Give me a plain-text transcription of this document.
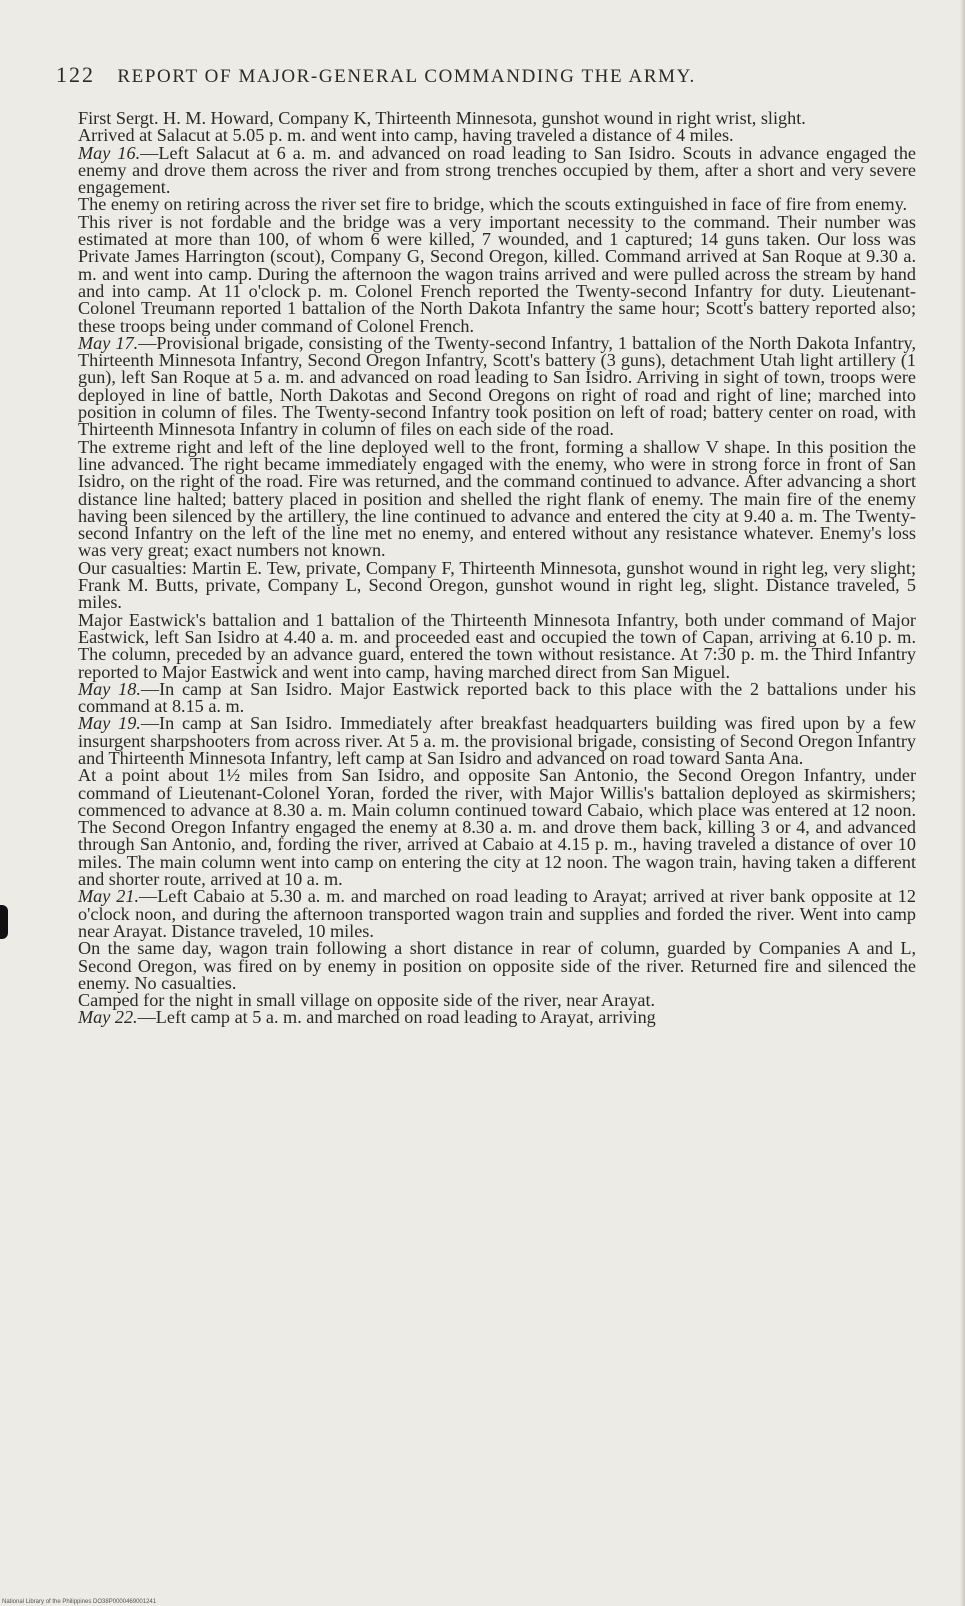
122 REPORT OF MAJOR-GENERAL COMMANDING THE ARMY.

First Sergt. H. M. Howard, Company K, Thirteenth Minnesota, gunshot wound in right wrist, slight.

Arrived at Salacut at 5.05 p. m. and went into camp, having traveled a distance of 4 miles.

May 16.—Left Salacut at 6 a. m. and advanced on road leading to San Isidro. Scouts in advance engaged the enemy and drove them across the river and from strong trenches occupied by them, after a short and very severe engagement.

The enemy on retiring across the river set fire to bridge, which the scouts extinguished in face of fire from enemy.

This river is not fordable and the bridge was a very important necessity to the command. Their number was estimated at more than 100, of whom 6 were killed, 7 wounded, and 1 captured; 14 guns taken. Our loss was Private James Harrington (scout), Company G, Second Oregon, killed. Command arrived at San Roque at 9.30 a. m. and went into camp. During the afternoon the wagon trains arrived and were pulled across the stream by hand and into camp. At 11 o'clock p. m. Colonel French reported the Twenty-second Infantry for duty. Lieutenant-Colonel Treumann reported 1 battalion of the North Dakota Infantry the same hour; Scott's battery reported also; these troops being under command of Colonel French.

May 17.—Provisional brigade, consisting of the Twenty-second Infantry, 1 battalion of the North Dakota Infantry, Thirteenth Minnesota Infantry, Second Oregon Infantry, Scott's battery (3 guns), detachment Utah light artillery (1 gun), left San Roque at 5 a. m. and advanced on road leading to San Isidro. Arriving in sight of town, troops were deployed in line of battle, North Dakotas and Second Oregons on right of road and right of line; marched into position in column of files. The Twenty-second Infantry took position on left of road; battery center on road, with Thirteenth Minnesota Infantry in column of files on each side of the road.

The extreme right and left of the line deployed well to the front, forming a shallow V shape. In this position the line advanced. The right became immediately engaged with the enemy, who were in strong force in front of San Isidro, on the right of the road. Fire was returned, and the command continued to advance. After advancing a short distance line halted; battery placed in position and shelled the right flank of enemy. The main fire of the enemy having been silenced by the artillery, the line continued to advance and entered the city at 9.40 a. m. The Twenty-second Infantry on the left of the line met no enemy, and entered without any resistance whatever. Enemy's loss was very great; exact numbers not known.

Our casualties: Martin E. Tew, private, Company F, Thirteenth Minnesota, gunshot wound in right leg, very slight; Frank M. Butts, private, Company L, Second Oregon, gunshot wound in right leg, slight. Distance traveled, 5 miles.

Major Eastwick's battalion and 1 battalion of the Thirteenth Minnesota Infantry, both under command of Major Eastwick, left San Isidro at 4.40 a. m. and proceeded east and occupied the town of Capan, arriving at 6.10 p. m. The column, preceded by an advance guard, entered the town without resistance. At 7:30 p. m. the Third Infantry reported to Major Eastwick and went into camp, having marched direct from San Miguel.

May 18.—In camp at San Isidro. Major Eastwick reported back to this place with the 2 battalions under his command at 8.15 a. m.

May 19.—In camp at San Isidro. Immediately after breakfast headquarters building was fired upon by a few insurgent sharpshooters from across river. At 5 a. m. the provisional brigade, consisting of Second Oregon Infantry and Thirteenth Minnesota Infantry, left camp at San Isidro and advanced on road toward Santa Ana.

At a point about 1½ miles from San Isidro, and opposite San Antonio, the Second Oregon Infantry, under command of Lieutenant-Colonel Yoran, forded the river, with Major Willis's battalion deployed as skirmishers; commenced to advance at 8.30 a. m. Main column continued toward Cabaio, which place was entered at 12 noon. The Second Oregon Infantry engaged the enemy at 8.30 a. m. and drove them back, killing 3 or 4, and advanced through San Antonio, and, fording the river, arrived at Cabaio at 4.15 p. m., having traveled a distance of over 10 miles. The main column went into camp on entering the city at 12 noon. The wagon train, having taken a different and shorter route, arrived at 10 a. m.

May 21.—Left Cabaio at 5.30 a. m. and marched on road leading to Arayat; arrived at river bank opposite at 12 o'clock noon, and during the afternoon transported wagon train and supplies and forded the river. Went into camp near Arayat. Distance traveled, 10 miles.

On the same day, wagon train following a short distance in rear of column, guarded by Companies A and L, Second Oregon, was fired on by enemy in position on opposite side of the river. Returned fire and silenced the enemy. No casualties.

Camped for the night in small village on opposite side of the river, near Arayat.

May 22.—Left camp at 5 a. m. and marched on road leading to Arayat, arriving

National Library of the Philippines DO38P0000469001241
